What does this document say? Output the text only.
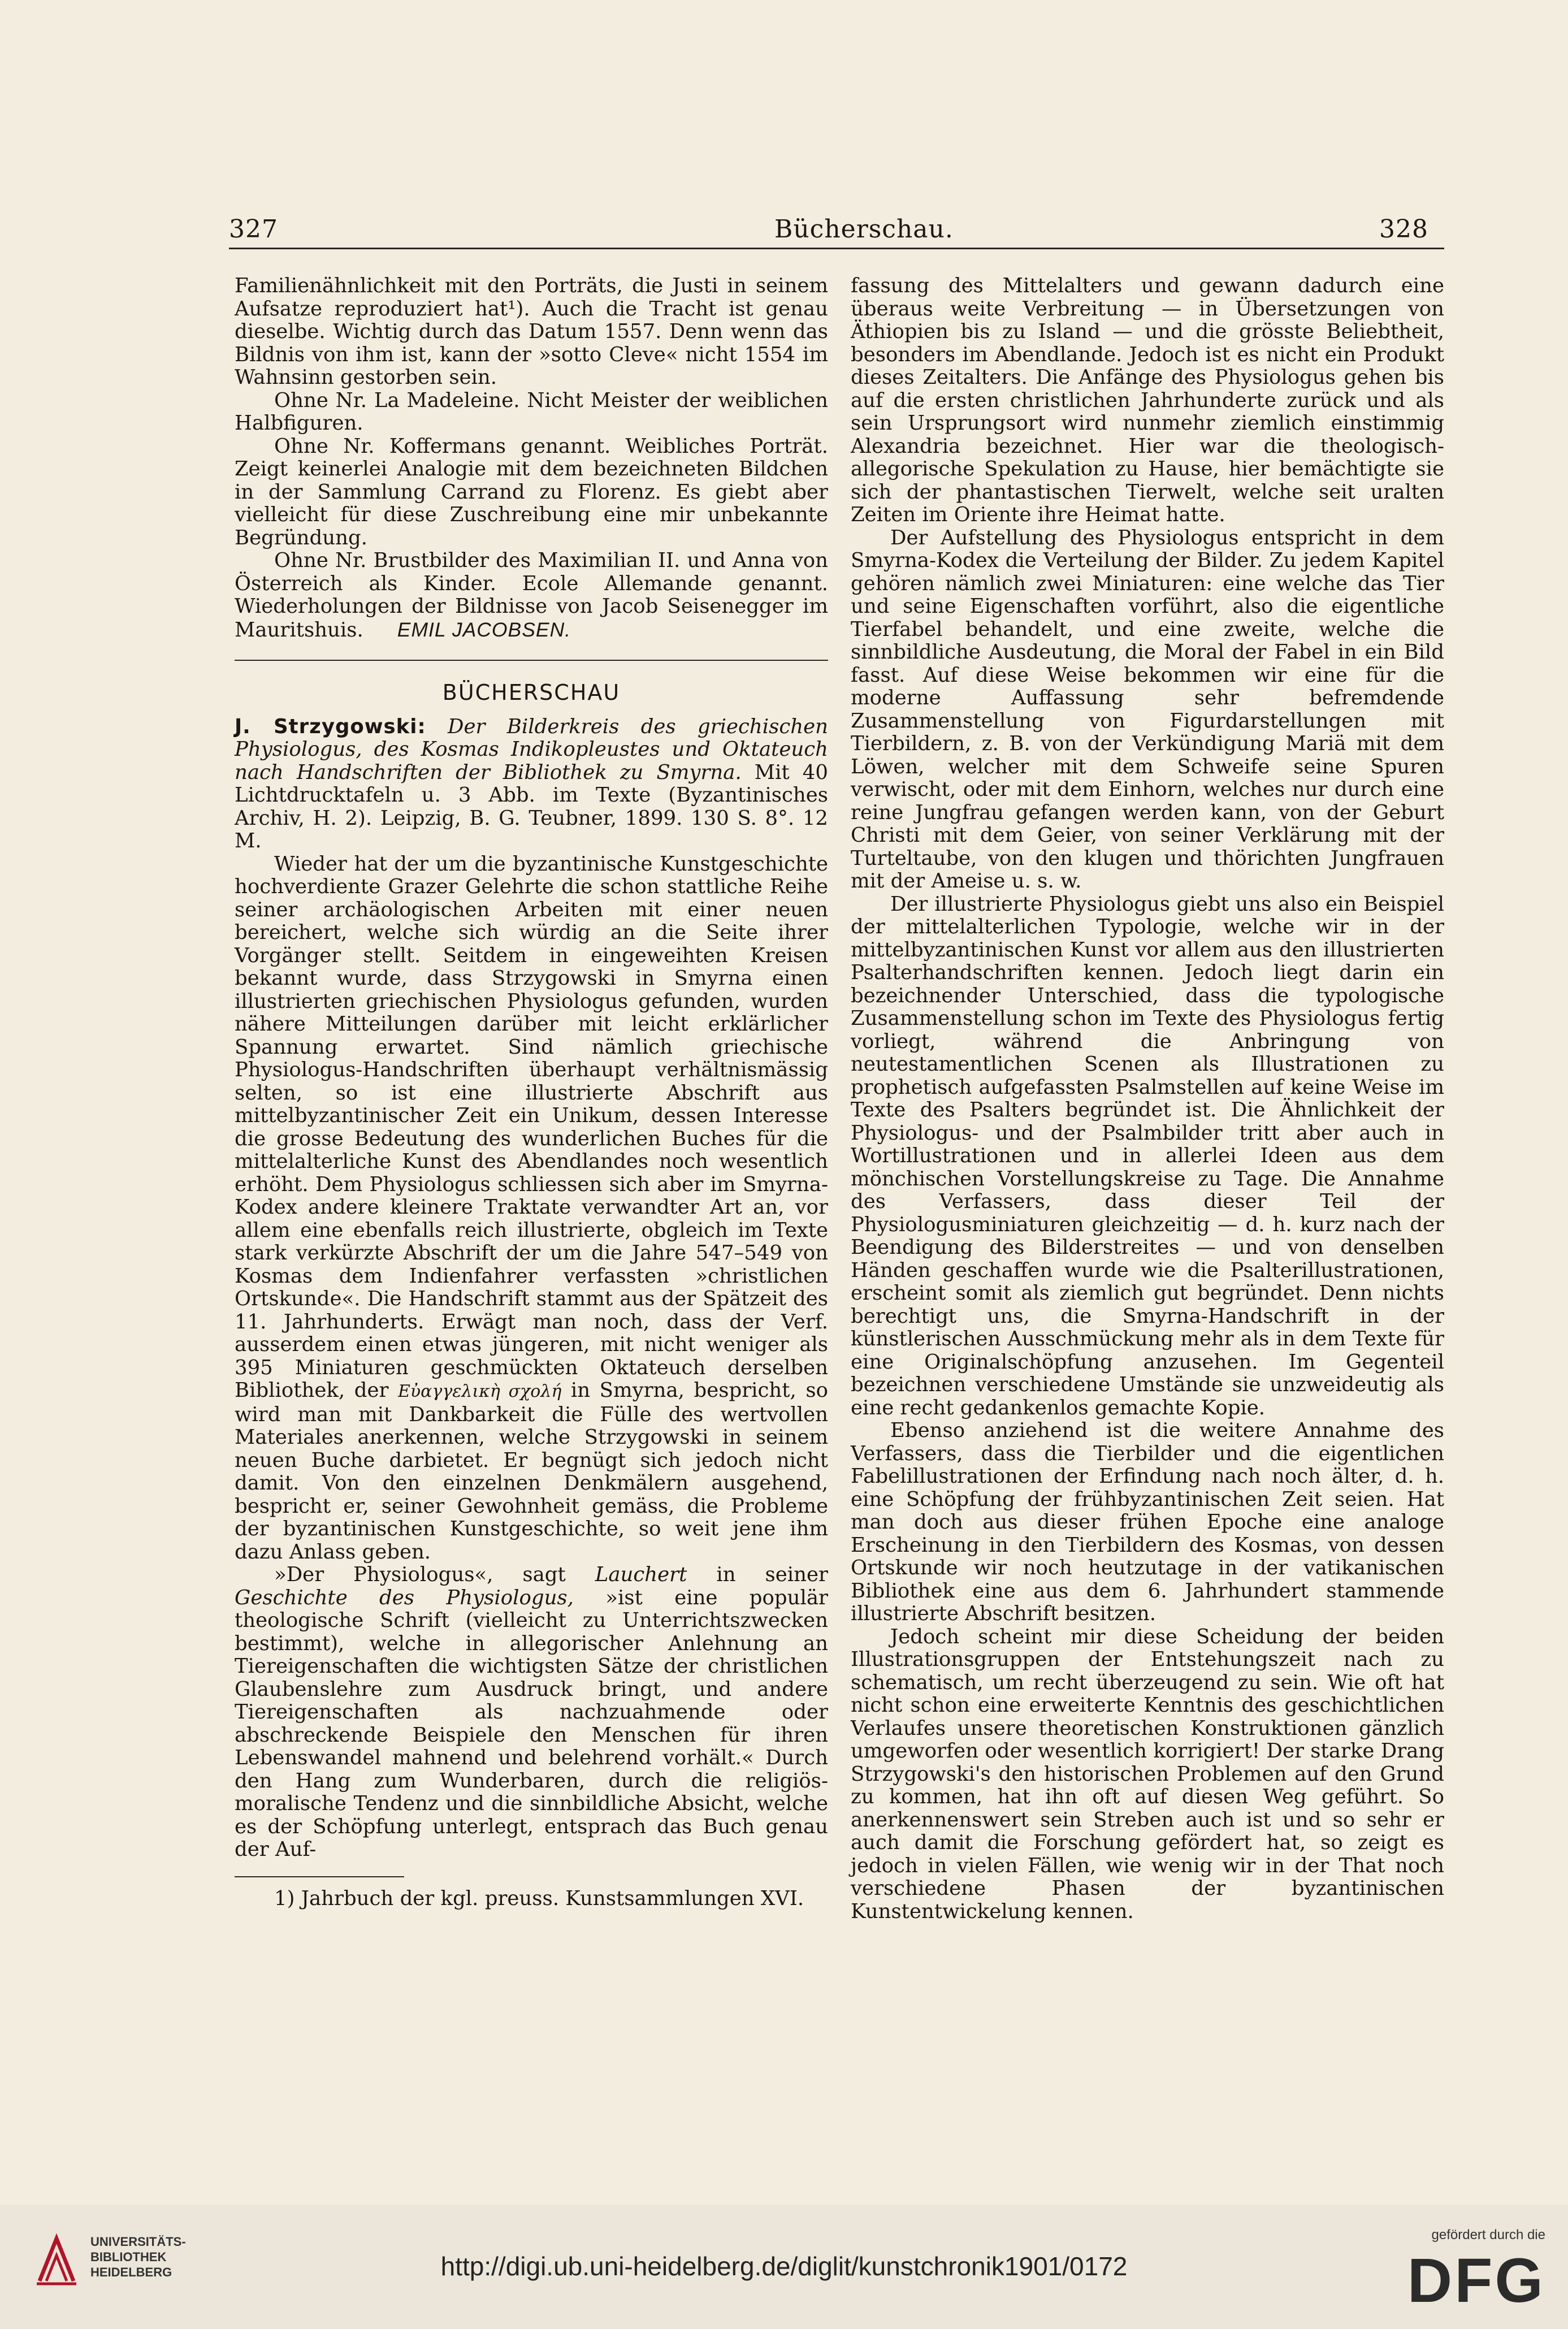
327	Bücherschau.	328

Familienähnlichkeit mit den Porträts, die Justi in seinem Aufsatze reproduziert hat¹). Auch die Tracht ist genau dieselbe. Wichtig durch das Datum 1557. Denn wenn das Bildnis von ihm ist, kann der »sotto Cleve« nicht 1554 im Wahnsinn gestorben sein.

Ohne Nr. La Madeleine. Nicht Meister der weiblichen Halbfiguren.

Ohne Nr. Koffermans genannt. Weibliches Porträt. Zeigt keinerlei Analogie mit dem bezeichneten Bildchen in der Sammlung Carrand zu Florenz. Es giebt aber vielleicht für diese Zuschreibung eine mir unbekannte Begründung.

Ohne Nr. Brustbilder des Maximilian II. und Anna von Österreich als Kinder. Ecole Allemande genannt. Wiederholungen der Bildnisse von Jacob Seisenegger im Mauritshuis. EMIL JACOBSEN.

BÜCHERSCHAU

J. Strzygowski: Der Bilderkreis des griechischen Physiologus, des Kosmas Indikopleustes und Oktateuch nach Handschriften der Bibliothek zu Smyrna. Mit 40 Lichtdrucktafeln u. 3 Abb. im Texte (Byzantinisches Archiv, H. 2). Leipzig, B. G. Teubner, 1899. 130 S. 8°. 12 M.

Wieder hat der um die byzantinische Kunstgeschichte hochverdiente Grazer Gelehrte die schon stattliche Reihe seiner archäologischen Arbeiten mit einer neuen bereichert, welche sich würdig an die Seite ihrer Vorgänger stellt. Seitdem in eingeweihten Kreisen bekannt wurde, dass Strzygowski in Smyrna einen illustrierten griechischen Physiologus gefunden, wurden nähere Mitteilungen darüber mit leicht erklärlicher Spannung erwartet. Sind nämlich griechische Physiologus-Handschriften überhaupt verhältnismässig selten, so ist eine illustrierte Abschrift aus mittelbyzantinischer Zeit ein Unikum, dessen Interesse die grosse Bedeutung des wunderlichen Buches für die mittelalterliche Kunst des Abendlandes noch wesentlich erhöht. Dem Physiologus schliessen sich aber im Smyrna-Kodex andere kleinere Traktate verwandter Art an, vor allem eine ebenfalls reich illustrierte, obgleich im Texte stark verkürzte Abschrift der um die Jahre 547–549 von Kosmas dem Indienfahrer verfassten »christlichen Ortskunde«. Die Handschrift stammt aus der Spätzeit des 11. Jahrhunderts. Erwägt man noch, dass der Verf. ausserdem einen etwas jüngeren, mit nicht weniger als 395 Miniaturen geschmückten Oktateuch derselben Bibliothek, der Εὐαγγελικὴ σχολή in Smyrna, bespricht, so wird man mit Dankbarkeit die Fülle des wertvollen Materiales anerkennen, welche Strzygowski in seinem neuen Buche darbietet. Er begnügt sich jedoch nicht damit. Von den einzelnen Denkmälern ausgehend, bespricht er, seiner Gewohnheit gemäss, die Probleme der byzantinischen Kunstgeschichte, so weit jene ihm dazu Anlass geben.

»Der Physiologus«, sagt Lauchert in seiner Geschichte des Physiologus, »ist eine populär theologische Schrift (vielleicht zu Unterrichtszwecken bestimmt), welche in allegorischer Anlehnung an Tiereigenschaften die wichtigsten Sätze der christlichen Glaubenslehre zum Ausdruck bringt, und andere Tiereigenschaften als nachzuahmende oder abschreckende Beispiele den Menschen für ihren Lebenswandel mahnend und belehrend vorhält.« Durch den Hang zum Wunderbaren, durch die religiös-moralische Tendenz und die sinnbildliche Absicht, welche es der Schöpfung unterlegt, entsprach das Buch genau der Auf-

1) Jahrbuch der kgl. preuss. Kunstsammlungen XVI.

fassung des Mittelalters und gewann dadurch eine überaus weite Verbreitung — in Übersetzungen von Äthiopien bis zu Island — und die grösste Beliebtheit, besonders im Abendlande. Jedoch ist es nicht ein Produkt dieses Zeitalters. Die Anfänge des Physiologus gehen bis auf die ersten christlichen Jahrhunderte zurück und als sein Ursprungsort wird nunmehr ziemlich einstimmig Alexandria bezeichnet. Hier war die theologisch-allegorische Spekulation zu Hause, hier bemächtigte sie sich der phantastischen Tierwelt, welche seit uralten Zeiten im Oriente ihre Heimat hatte.

Der Aufstellung des Physiologus entspricht in dem Smyrna-Kodex die Verteilung der Bilder. Zu jedem Kapitel gehören nämlich zwei Miniaturen: eine welche das Tier und seine Eigenschaften vorführt, also die eigentliche Tierfabel behandelt, und eine zweite, welche die sinnbildliche Ausdeutung, die Moral der Fabel in ein Bild fasst. Auf diese Weise bekommen wir eine für die moderne Auffassung sehr befremdende Zusammenstellung von Figurdarstellungen mit Tierbildern, z. B. von der Verkündigung Mariä mit dem Löwen, welcher mit dem Schweife seine Spuren verwischt, oder mit dem Einhorn, welches nur durch eine reine Jungfrau gefangen werden kann, von der Geburt Christi mit dem Geier, von seiner Verklärung mit der Turteltaube, von den klugen und thörichten Jungfrauen mit der Ameise u. s. w.

Der illustrierte Physiologus giebt uns also ein Beispiel der mittelalterlichen Typologie, welche wir in der mittelbyzantinischen Kunst vor allem aus den illustrierten Psalterhandschriften kennen. Jedoch liegt darin ein bezeichnender Unterschied, dass die typologische Zusammenstellung schon im Texte des Physiologus fertig vorliegt, während die Anbringung von neutestamentlichen Scenen als Illustrationen zu prophetisch aufgefassten Psalmstellen auf keine Weise im Texte des Psalters begründet ist. Die Ähnlichkeit der Physiologus- und der Psalmbilder tritt aber auch in Wortillustrationen und in allerlei Ideen aus dem mönchischen Vorstellungskreise zu Tage. Die Annahme des Verfassers, dass dieser Teil der Physiologusminiaturen gleichzeitig — d. h. kurz nach der Beendigung des Bilderstreites — und von denselben Händen geschaffen wurde wie die Psalterillustrationen, erscheint somit als ziemlich gut begründet. Denn nichts berechtigt uns, die Smyrna-Handschrift in der künstlerischen Ausschmückung mehr als in dem Texte für eine Originalschöpfung anzusehen. Im Gegenteil bezeichnen verschiedene Umstände sie unzweideutig als eine recht gedankenlos gemachte Kopie.

Ebenso anziehend ist die weitere Annahme des Verfassers, dass die Tierbilder und die eigentlichen Fabelillustrationen der Erfindung nach noch älter, d. h. eine Schöpfung der frühbyzantinischen Zeit seien. Hat man doch aus dieser frühen Epoche eine analoge Erscheinung in den Tierbildern des Kosmas, von dessen Ortskunde wir noch heutzutage in der vatikanischen Bibliothek eine aus dem 6. Jahrhundert stammende illustrierte Abschrift besitzen.

Jedoch scheint mir diese Scheidung der beiden Illustrationsgruppen der Entstehungszeit nach zu schematisch, um recht überzeugend zu sein. Wie oft hat nicht schon eine erweiterte Kenntnis des geschichtlichen Verlaufes unsere theoretischen Konstruktionen gänzlich umgeworfen oder wesentlich korrigiert! Der starke Drang Strzygowski's den historischen Problemen auf den Grund zu kommen, hat ihn oft auf diesen Weg geführt. So anerkennenswert sein Streben auch ist und so sehr er auch damit die Forschung gefördert hat, so zeigt es jedoch in vielen Fällen, wie wenig wir in der That noch verschiedene Phasen der byzantinischen Kunstentwickelung kennen.

UNIVERSITÄTS-
BIBLIOTHEK
HEIDELBERG	http://digi.ub.uni-heidelberg.de/diglit/kunstchronik1901/0172
gefördert durch die
DFG
